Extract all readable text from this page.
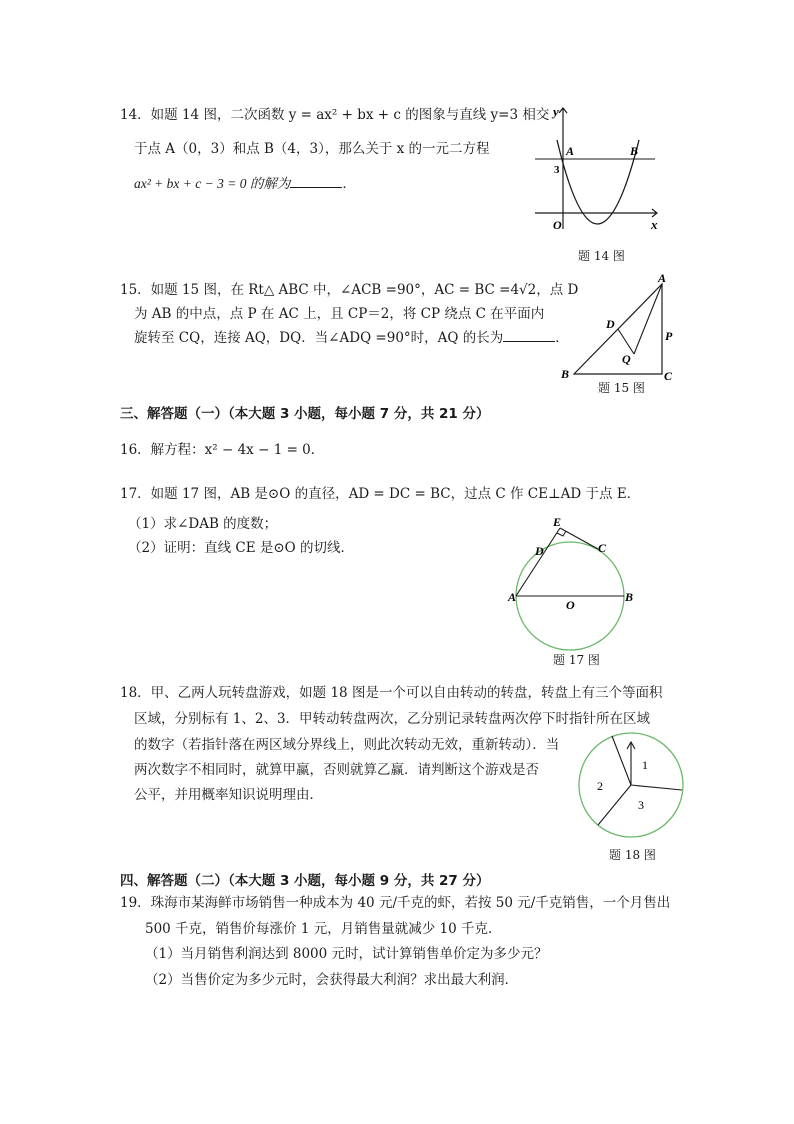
14．如题 14 图，二次函数 y = ax² + bx + c 的图象与直线 y=3 相交
于点 A（0，3）和点 B（4，3），那么关于 x 的一元二方程
ax² + bx + c − 3 = 0 的解为	．
y
x
O
A	B
3
题 14 图
15．如题 15 图，在 Rt△ ABC 中，∠ACB =90°，AC = BC =4√2，点 D
为 AB 的中点，点 P 在 AC 上，且 CP＝2，将 CP 绕点 C 在平面内
旋转至 CQ，连接 AQ，DQ．当∠ADQ =90°时，AQ 的长为	．
A
B	C
D
P
Q
题 15 图
三、解答题（一）（本大题 3 小题，每小题 7 分，共 21 分）
16．解方程：x² − 4x − 1 = 0．
17．如题 17 图，AB 是⊙O 的直径，AD = DC = BC，过点 C 作 CE⊥AD 于点 E．
（1）求∠DAB 的度数；
（2）证明：直线 CE 是⊙O 的切线．
E
D	C
A
O
B
题 17 图
18．甲、乙两人玩转盘游戏，如题 18 图是一个可以自由转动的转盘，转盘上有三个等面积
区域，分别标有 1、2、3．甲转动转盘两次，乙分别记录转盘两次停下时指针所在区域
的数字（若指针落在两区域分界线上，则此次转动无效，重新转动）．当
两次数字不相同时，就算甲赢，否则就算乙赢．请判断这个游戏是否
公平，并用概率知识说明理由．
1
2
3
题 18 图
四、解答题（二）（本大题 3 小题，每小题 9 分，共 27 分）
19．珠海市某海鲜市场销售一种成本为 40 元/千克的虾，若按 50 元/千克销售，一个月售出
500 千克，销售价每涨价 1 元，月销售量就减少 10 千克．
（1）当月销售利润达到 8000 元时，试计算销售单价定为多少元？
（2）当售价定为多少元时，会获得最大利润？求出最大利润．
